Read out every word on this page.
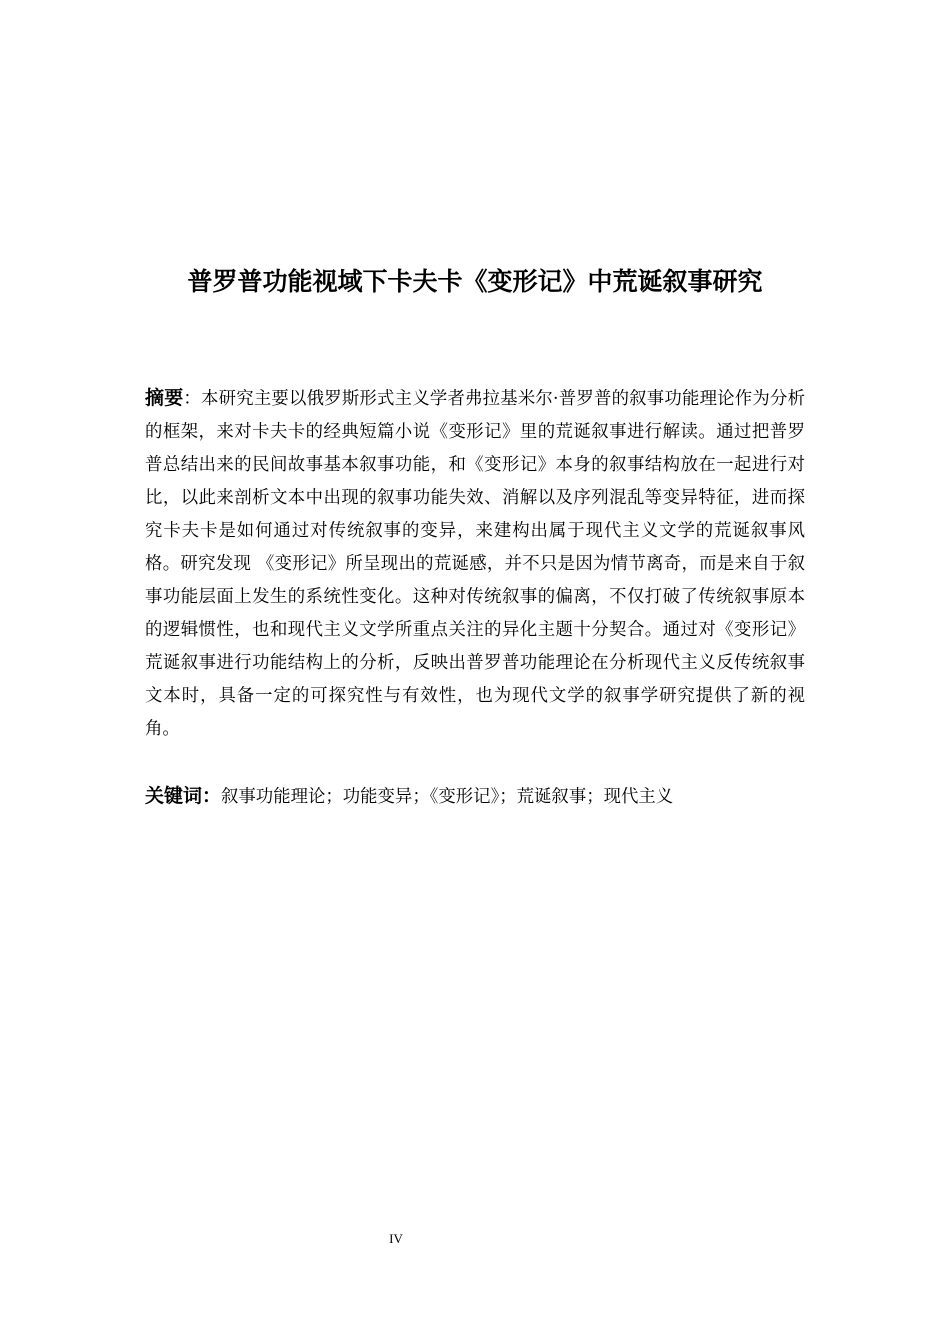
普罗普功能视域下卡夫卡《变形记》中荒诞叙事研究

摘要：本研究主要以俄罗斯形式主义学者弗拉基米尔·普罗普的叙事功能理论作为分析的框架，来对卡夫卡的经典短篇小说《变形记》里的荒诞叙事进行解读。通过把普罗普总结出来的民间故事基本叙事功能，和《变形记》本身的叙事结构放在一起进行对比，以此来剖析文本中出现的叙事功能失效、消解以及序列混乱等变异特征，进而探究卡夫卡是如何通过对传统叙事的变异，来建构出属于现代主义文学的荒诞叙事风格。研究发现 《变形记》所呈现出的荒诞感，并不只是因为情节离奇，而是来自于叙事功能层面上发生的系统性变化。这种对传统叙事的偏离，不仅打破了传统叙事原本的逻辑惯性，也和现代主义文学所重点关注的异化主题十分契合。通过对《变形记》荒诞叙事进行功能结构上的分析，反映出普罗普功能理论在分析现代主义反传统叙事文本时，具备一定的可探究性与有效性，也为现代文学的叙事学研究提供了新的视角。

关键词：叙事功能理论；功能变异；《变形记》；荒诞叙事；现代主义

IV
